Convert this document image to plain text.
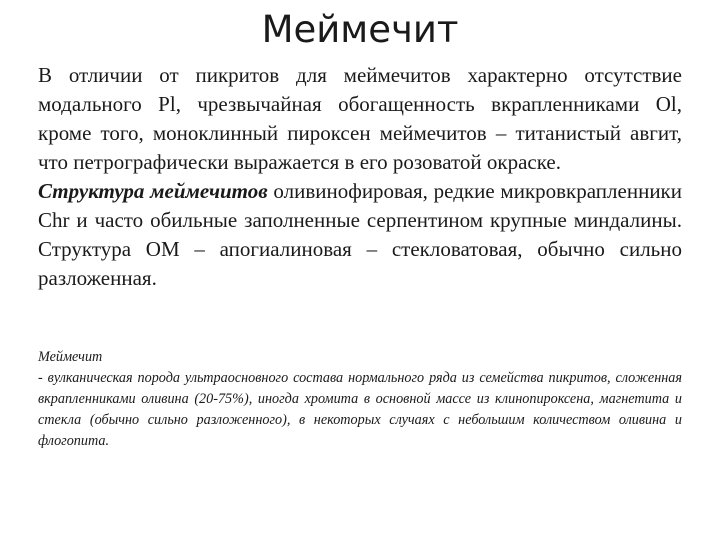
Меймечит

В отличии от пикритов для меймечитов характерно отсутствие модального Pl, чрезвычайная обогащенность вкрапленниками Ol, кроме того, моноклинный пироксен меймечитов – титанистый авгит, что петрографически выражается в его розоватой окраске.

Структура меймечитов оливинофировая, редкие микровкрапленники Chr и часто обильные заполненные серпентином крупные миндалины. Структура ОМ – апогиалиновая – стекловатовая, обычно сильно разложенная.

Меймечит

- вулканическая порода ультраосновного состава нормального ряда из семейства пикритов, сложенная вкрапленниками оливина (20-75%), иногда хромита в основной массе из клинопироксена, магнетита и стекла (обычно сильно разложенного), в некоторых случаях с небольшим количеством оливина и флогопита.
